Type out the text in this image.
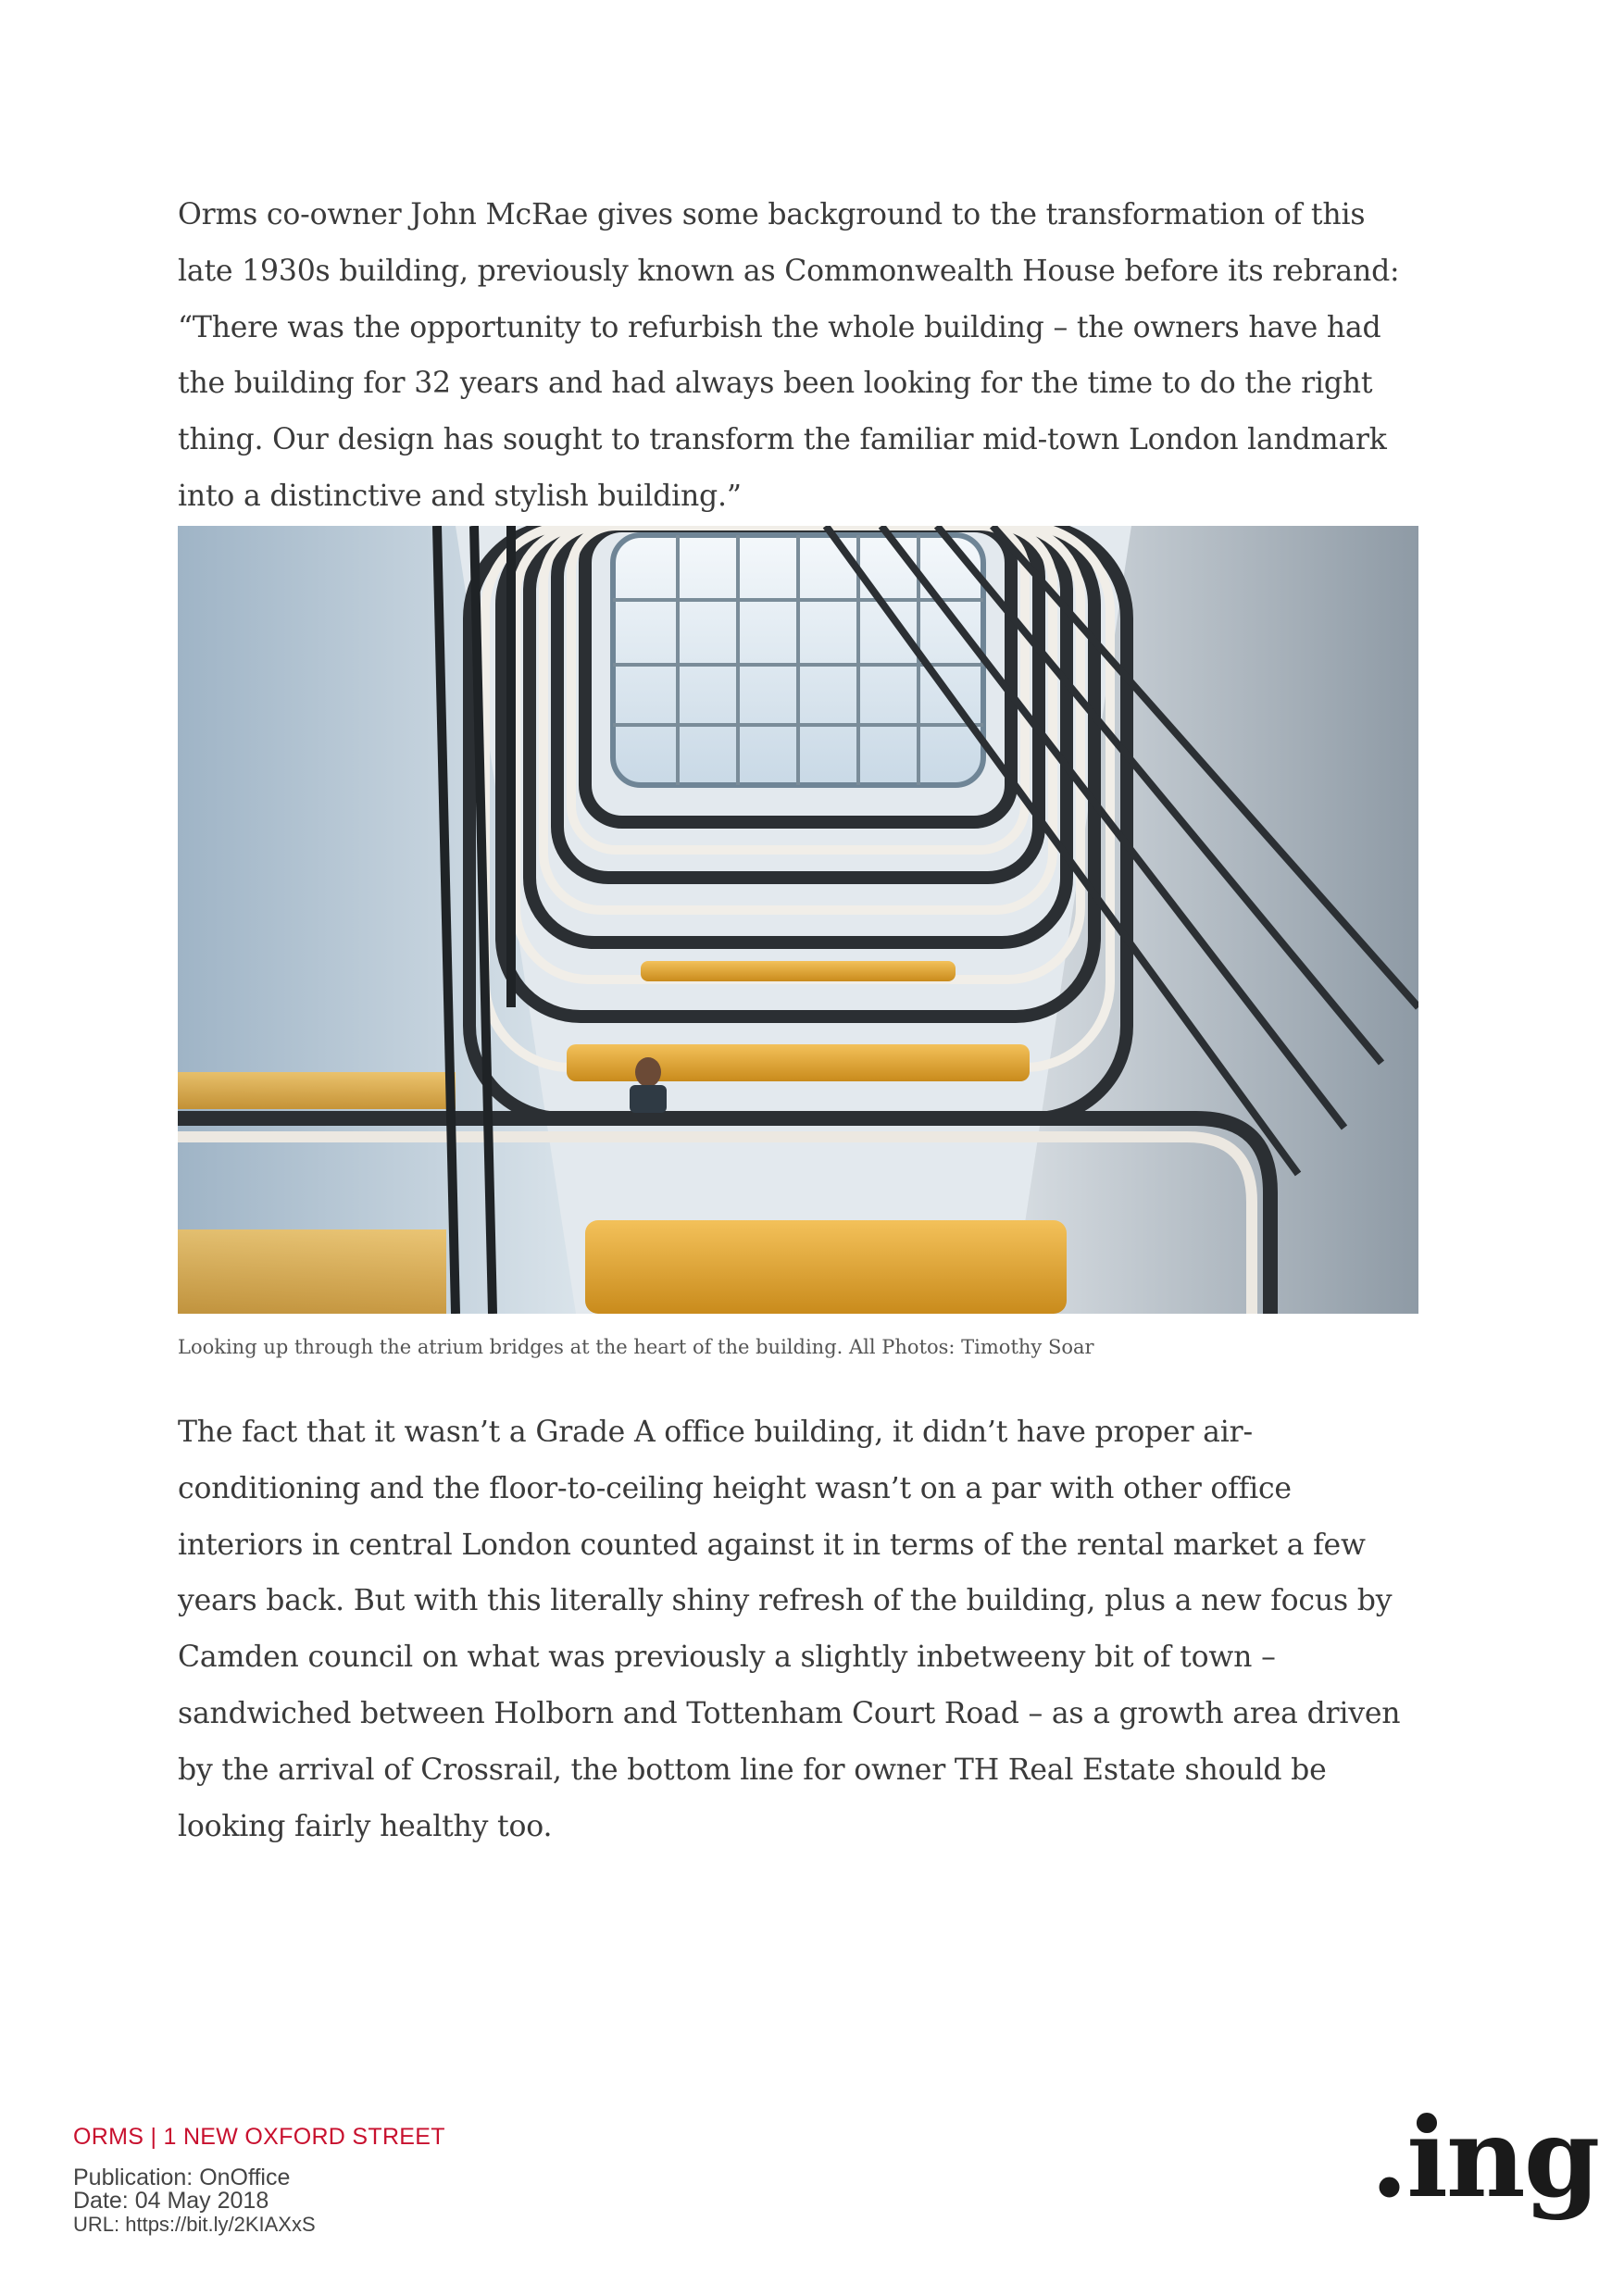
Orms co-owner John McRae gives some background to the transformation of this late 1930s building, previously known as Commonwealth House before its rebrand: “There was the opportunity to refurbish the whole building – the owners have had the building for 32 years and had always been looking for the time to do the right thing. Our design has sought to transform the familiar mid-town London landmark into a distinctive and stylish building.”

Looking up through the atrium bridges at the heart of the building. All Photos: Timothy Soar

The fact that it wasn’t a Grade A office building, it didn’t have proper air-conditioning and the floor-to-ceiling height wasn’t on a par with other office interiors in central London counted against it in terms of the rental market a few years back. But with this literally shiny refresh of the building, plus a new focus by Camden council on what was previously a slightly inbetweeny bit of town – sandwiched between Holborn and Tottenham Court Road – as a growth area driven by the arrival of Crossrail, the bottom line for owner TH Real Estate should be looking fairly healthy too.

ORMS | 1 NEW OXFORD STREET
Publication: OnOffice
Date: 04 May 2018
URL: https://bit.ly/2KIAXxS
.ing
